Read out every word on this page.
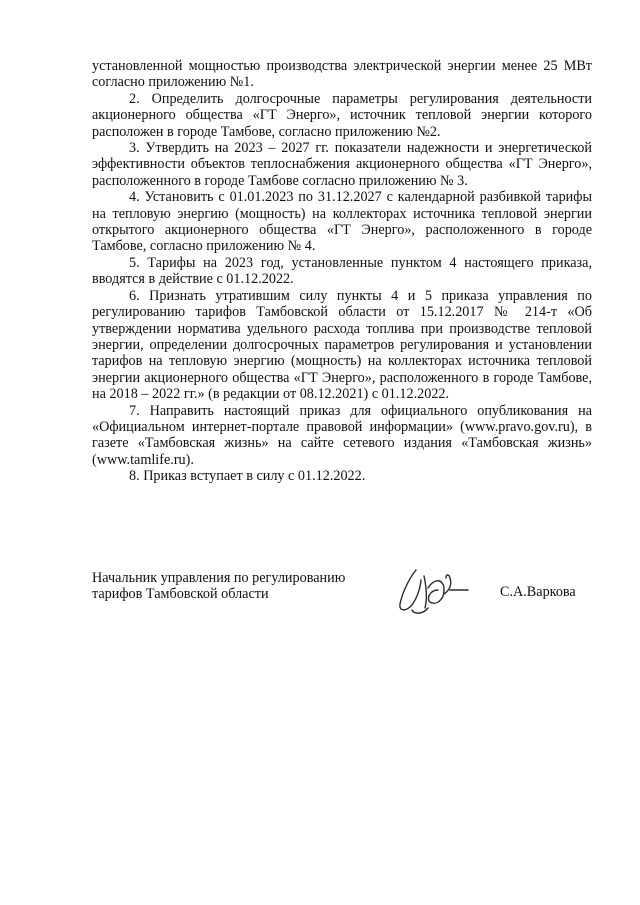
установленной мощностью производства электрической энергии менее 25 МВт согласно приложению №1.

2. Определить долгосрочные параметры регулирования деятельности акционерного общества «ГТ Энерго», источник тепловой энергии которого расположен в городе Тамбове, согласно приложению №2.

3. Утвердить на 2023 – 2027 гг. показатели надежности и энергетической эффективности объектов теплоснабжения акционерного общества «ГТ Энерго», расположенного в городе Тамбове согласно приложению № 3.

4. Установить с 01.01.2023 по 31.12.2027 с календарной разбивкой тарифы на тепловую энергию (мощность) на коллекторах источника тепловой энергии открытого акционерного общества «ГТ Энерго», расположенного в городе Тамбове, согласно приложению № 4.

5. Тарифы на 2023 год, установленные пунктом 4 настоящего приказа, вводятся в действие с 01.12.2022.

6. Признать утратившим силу пункты 4 и 5 приказа управления по регулированию тарифов Тамбовской области от 15.12.2017 № 214-т «Об утверждении норматива удельного расхода топлива при производстве тепловой энергии, определении долгосрочных параметров регулирования и установлении тарифов на тепловую энергию (мощность) на коллекторах источника тепловой энергии акционерного общества «ГТ Энерго», расположенного в городе Тамбове, на 2018 – 2022 гг.» (в редакции от 08.12.2021) с 01.12.2022.

7. Направить настоящий приказ для официального опубликования на «Официальном интернет-портале правовой информации» (www.pravo.gov.ru), в газете «Тамбовская жизнь» на сайте сетевого издания «Тамбовская жизнь» (www.tamlife.ru).

8. Приказ вступает в силу с 01.12.2022.

Начальник управления по регулированию
тарифов Тамбовской области	С.А.Варкова
